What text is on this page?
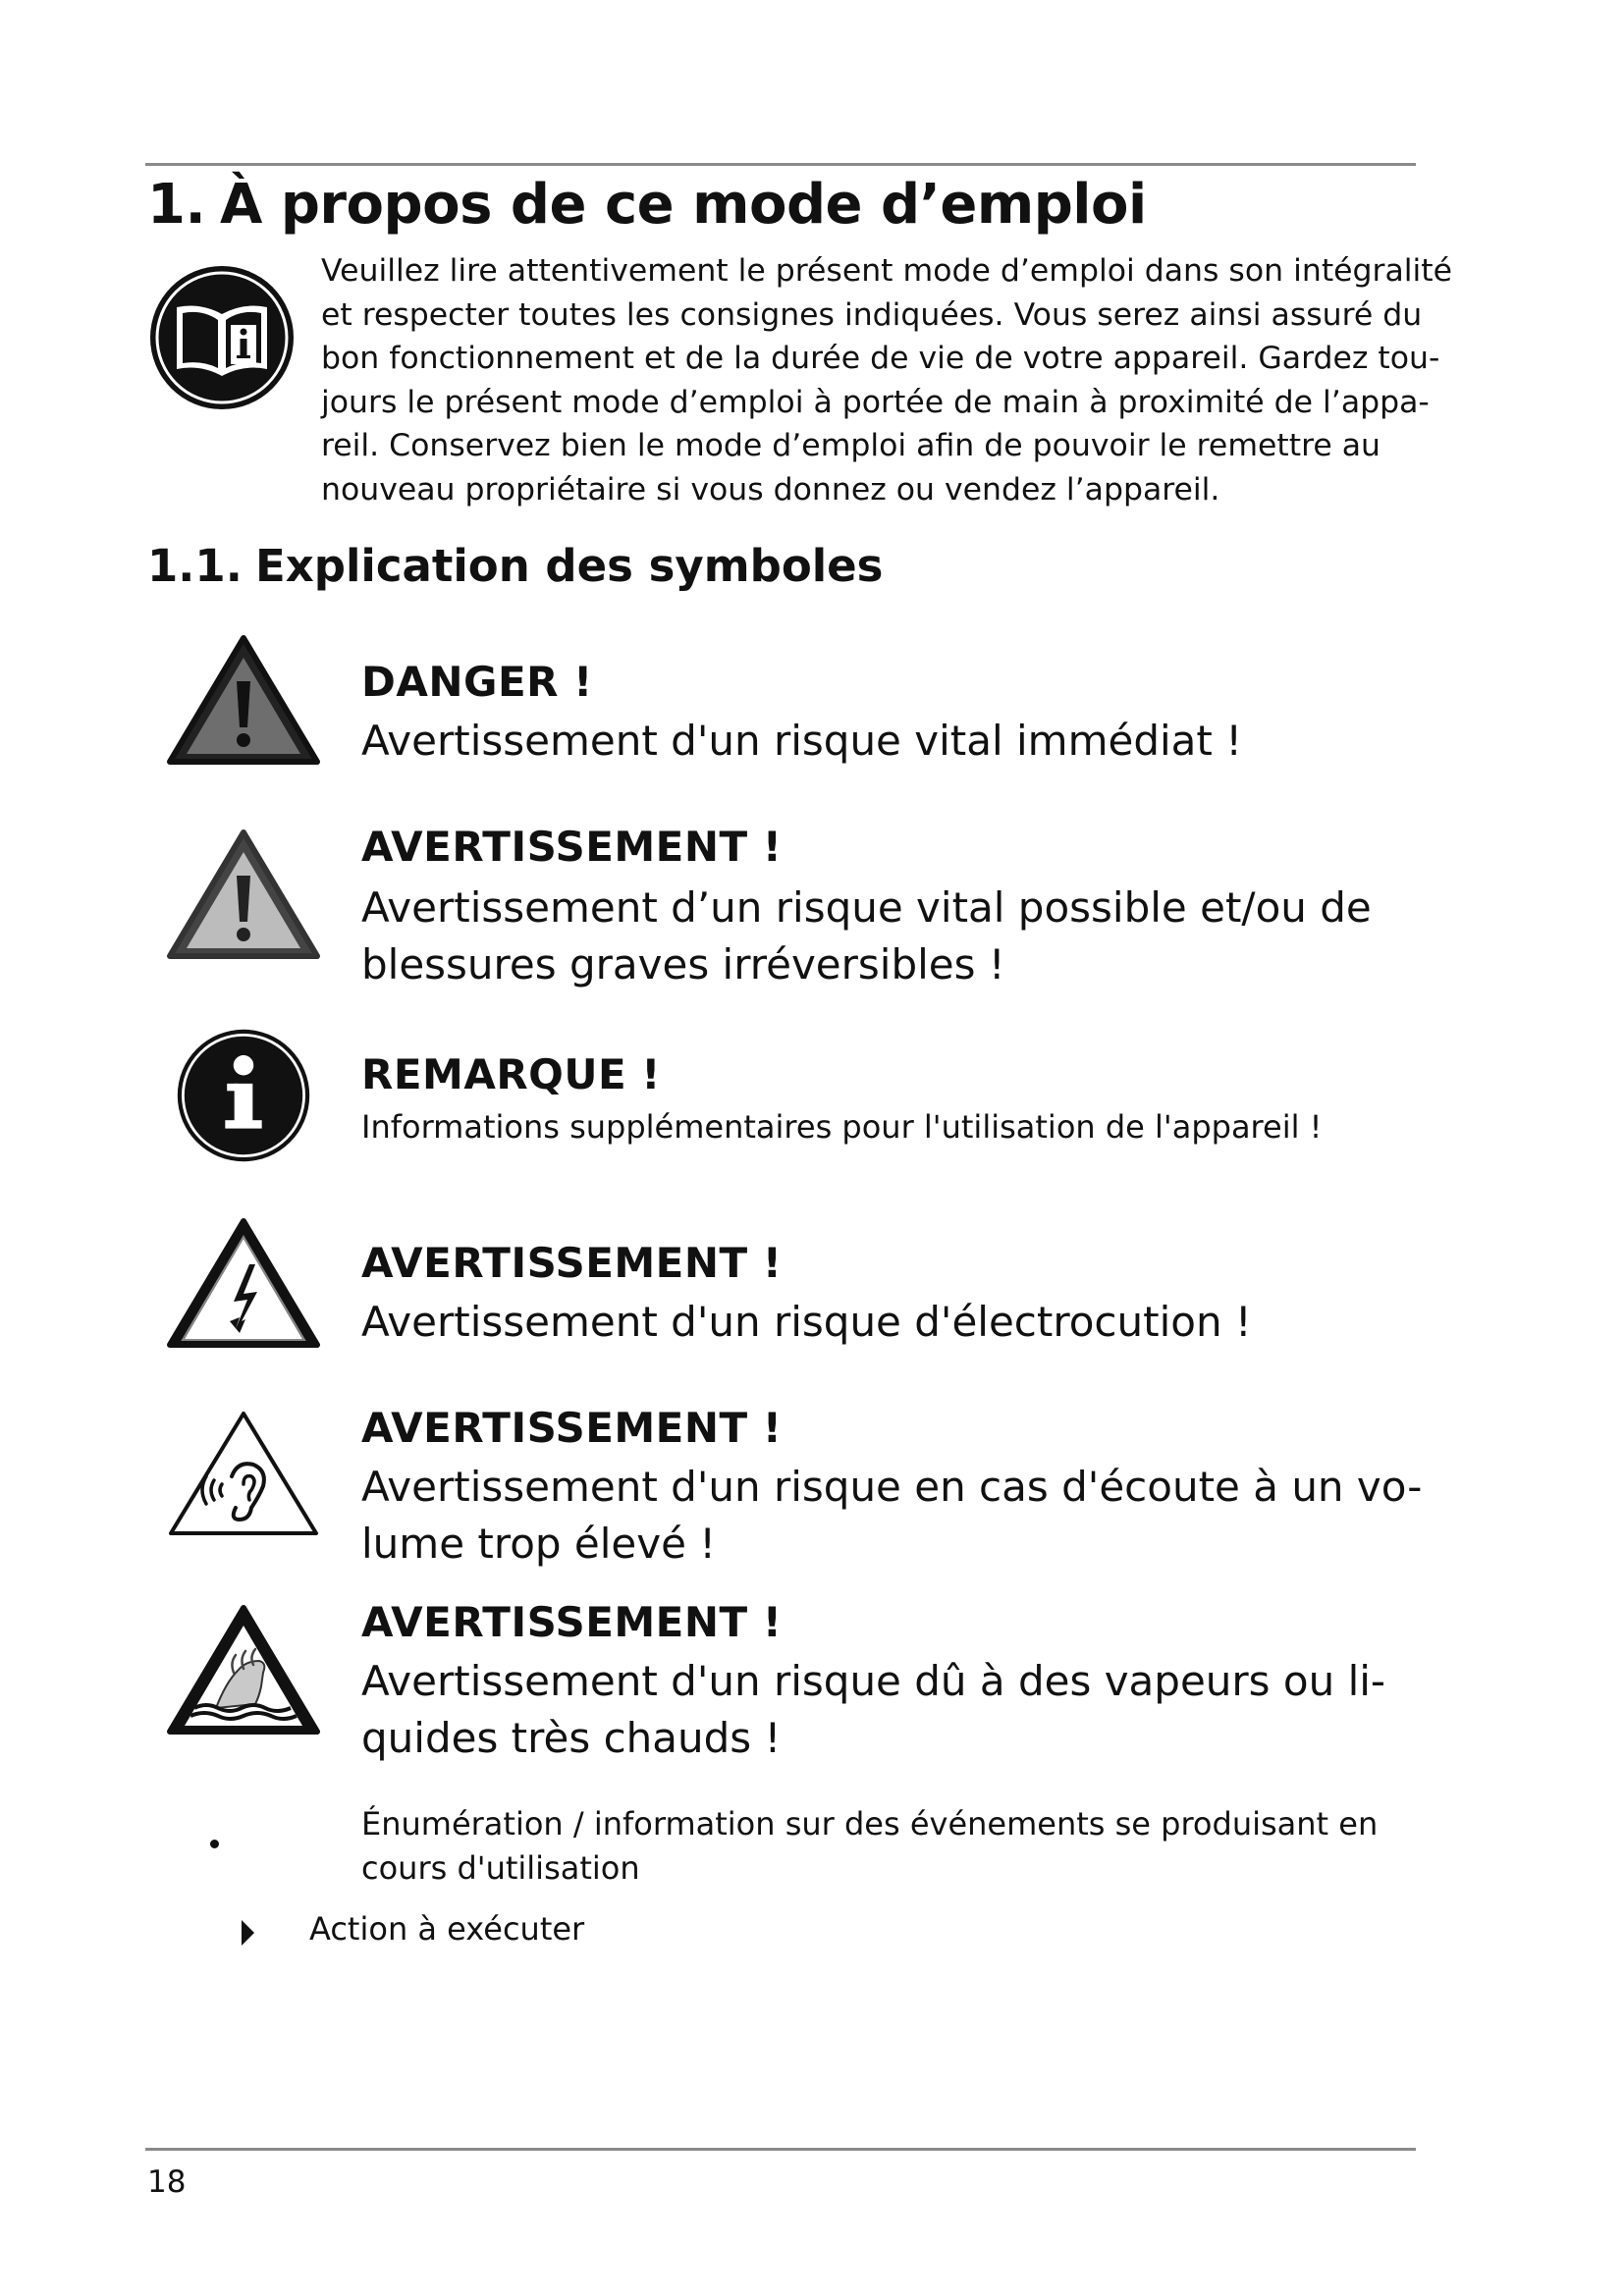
1. À propos de ce mode d’emploi
Veuillez lire attentivement le présent mode d’emploi dans son intégralité
et respecter toutes les consignes indiquées. Vous serez ainsi assuré du
bon fonctionnement et de la durée de vie de votre appareil. Gardez tou-
jours le présent mode d’emploi à portée de main à proximité de l’appa-
reil. Conservez bien le mode d’emploi afin de pouvoir le remettre au
nouveau propriétaire si vous donnez ou vendez l’appareil.
1.1. Explication des symboles
DANGER !
Avertissement d'un risque vital immédiat !
AVERTISSEMENT !
Avertissement d’un risque vital possible et/ou de
blessures graves irréversibles !
REMARQUE !
Informations supplémentaires pour l'utilisation de l'appareil !
AVERTISSEMENT !
Avertissement d'un risque d'électrocution !
AVERTISSEMENT !
Avertissement d'un risque en cas d'écoute à un vo-
lume trop élevé !
AVERTISSEMENT !
Avertissement d'un risque dû à des vapeurs ou li-
quides très chauds !
Énumération / information sur des événements se produisant en
cours d'utilisation
Action à exécuter
18
